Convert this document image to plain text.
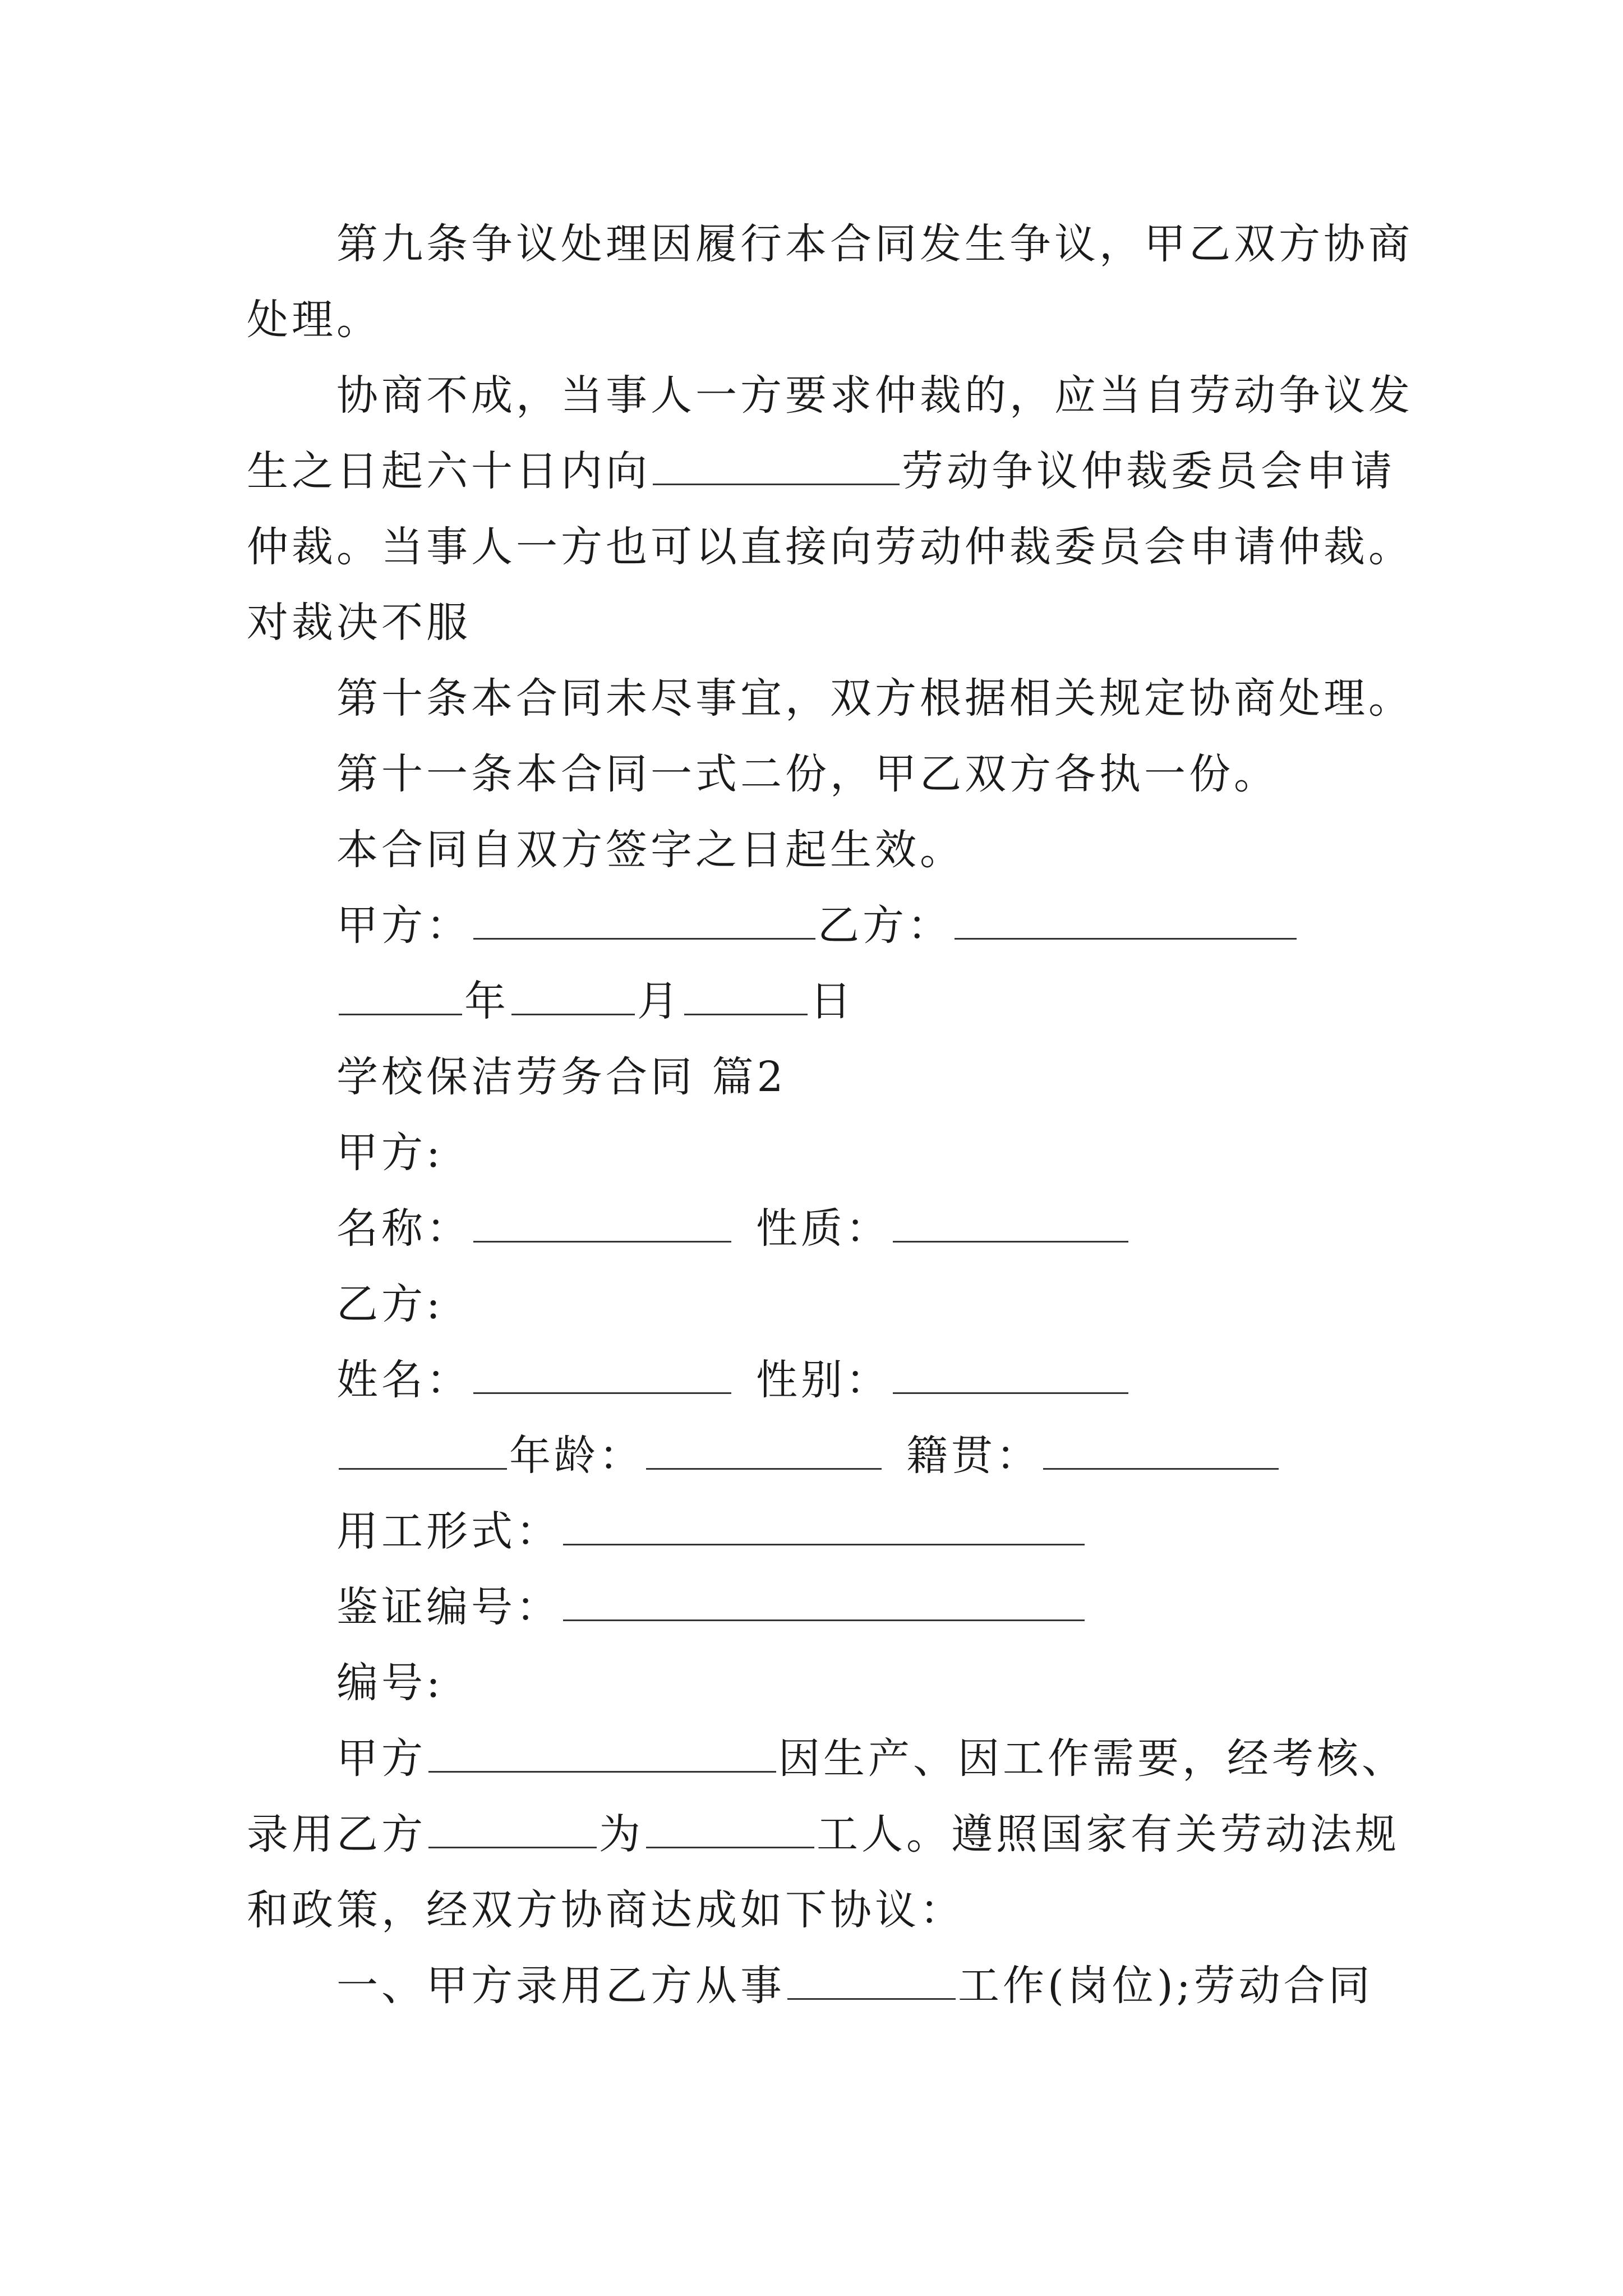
第九条争议处理因履行本合同发生争议，甲乙双方协商
处理。
协商不成，当事人一方要求仲裁的，应当自劳动争议发
生之日起六十日内向	劳动争议仲裁委员会申请
仲裁。当事人一方也可以直接向劳动仲裁委员会申请仲裁。
对裁决不服
第十条本合同未尽事宜，双方根据相关规定协商处理。
第十一条本合同一式二份，甲乙双方各执一份。
本合同自双方签字之日起生效。
甲方：	乙方：
年	月	日
学校保洁劳务合同 篇2
甲方:
名称：	性质：
乙方:
姓名：	性别：
年龄：	籍贯：
用工形式：
鉴证编号：
编号:
甲方	因生产、因工作需要，经考核、
录用乙方	为	工人。遵照国家有关劳动法规
和政策，经双方协商达成如下协议：
一、甲方录用乙方从事	工作(岗位);劳动合同
